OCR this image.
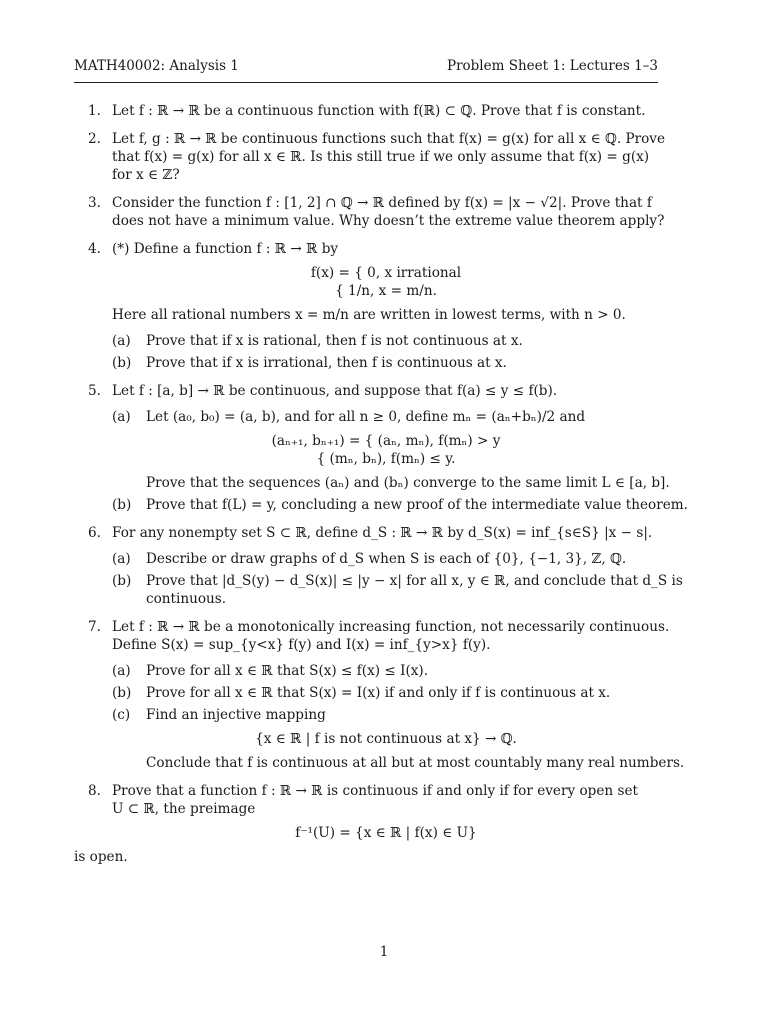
MATH40002: Analysis 1	Problem Sheet 1: Lectures 1–3
1. Let f : ℝ → ℝ be a continuous function with f(ℝ) ⊂ ℚ. Prove that f is constant.
2. Let f, g : ℝ → ℝ be continuous functions such that f(x) = g(x) for all x ∈ ℚ. Prove
that f(x) = g(x) for all x ∈ ℝ. Is this still true if we only assume that f(x) = g(x)
for x ∈ ℤ?
3. Consider the function f : [1, 2] ∩ ℚ → ℝ defined by f(x) = |x − √2|. Prove that f
does not have a minimum value. Why doesn’t the extreme value theorem apply?
4. (*) Define a function f : ℝ → ℝ by
f(x) = { 0, x irrational
{ 1/n, x = m/n.
Here all rational numbers x = m/n are written in lowest terms, with n > 0.
(a) Prove that if x is rational, then f is not continuous at x.
(b) Prove that if x is irrational, then f is continuous at x.
5. Let f : [a, b] → ℝ be continuous, and suppose that f(a) ≤ y ≤ f(b).
(a) Let (a₀, b₀) = (a, b), and for all n ≥ 0, define mₙ = (aₙ+bₙ)/2 and
(aₙ₊₁, bₙ₊₁) = { (aₙ, mₙ), f(mₙ) > y
{ (mₙ, bₙ), f(mₙ) ≤ y.
Prove that the sequences (aₙ) and (bₙ) converge to the same limit L ∈ [a, b].
(b) Prove that f(L) = y, concluding a new proof of the intermediate value theorem.
6. For any nonempty set S ⊂ ℝ, define d_S : ℝ → ℝ by d_S(x) = inf_{s∈S} |x − s|.
(a) Describe or draw graphs of d_S when S is each of {0}, {−1, 3}, ℤ, ℚ.
(b) Prove that |d_S(y) − d_S(x)| ≤ |y − x| for all x, y ∈ ℝ, and conclude that d_S is
continuous.
7. Let f : ℝ → ℝ be a monotonically increasing function, not necessarily continuous.
Define S(x) = sup_{y<x} f(y) and I(x) = inf_{y>x} f(y).
(a) Prove for all x ∈ ℝ that S(x) ≤ f(x) ≤ I(x).
(b) Prove for all x ∈ ℝ that S(x) = I(x) if and only if f is continuous at x.
(c) Find an injective mapping
{x ∈ ℝ | f is not continuous at x} → ℚ.
Conclude that f is continuous at all but at most countably many real numbers.
8. Prove that a function f : ℝ → ℝ is continuous if and only if for every open set
U ⊂ ℝ, the preimage
f⁻¹(U) = {x ∈ ℝ | f(x) ∈ U}
is open.
1
